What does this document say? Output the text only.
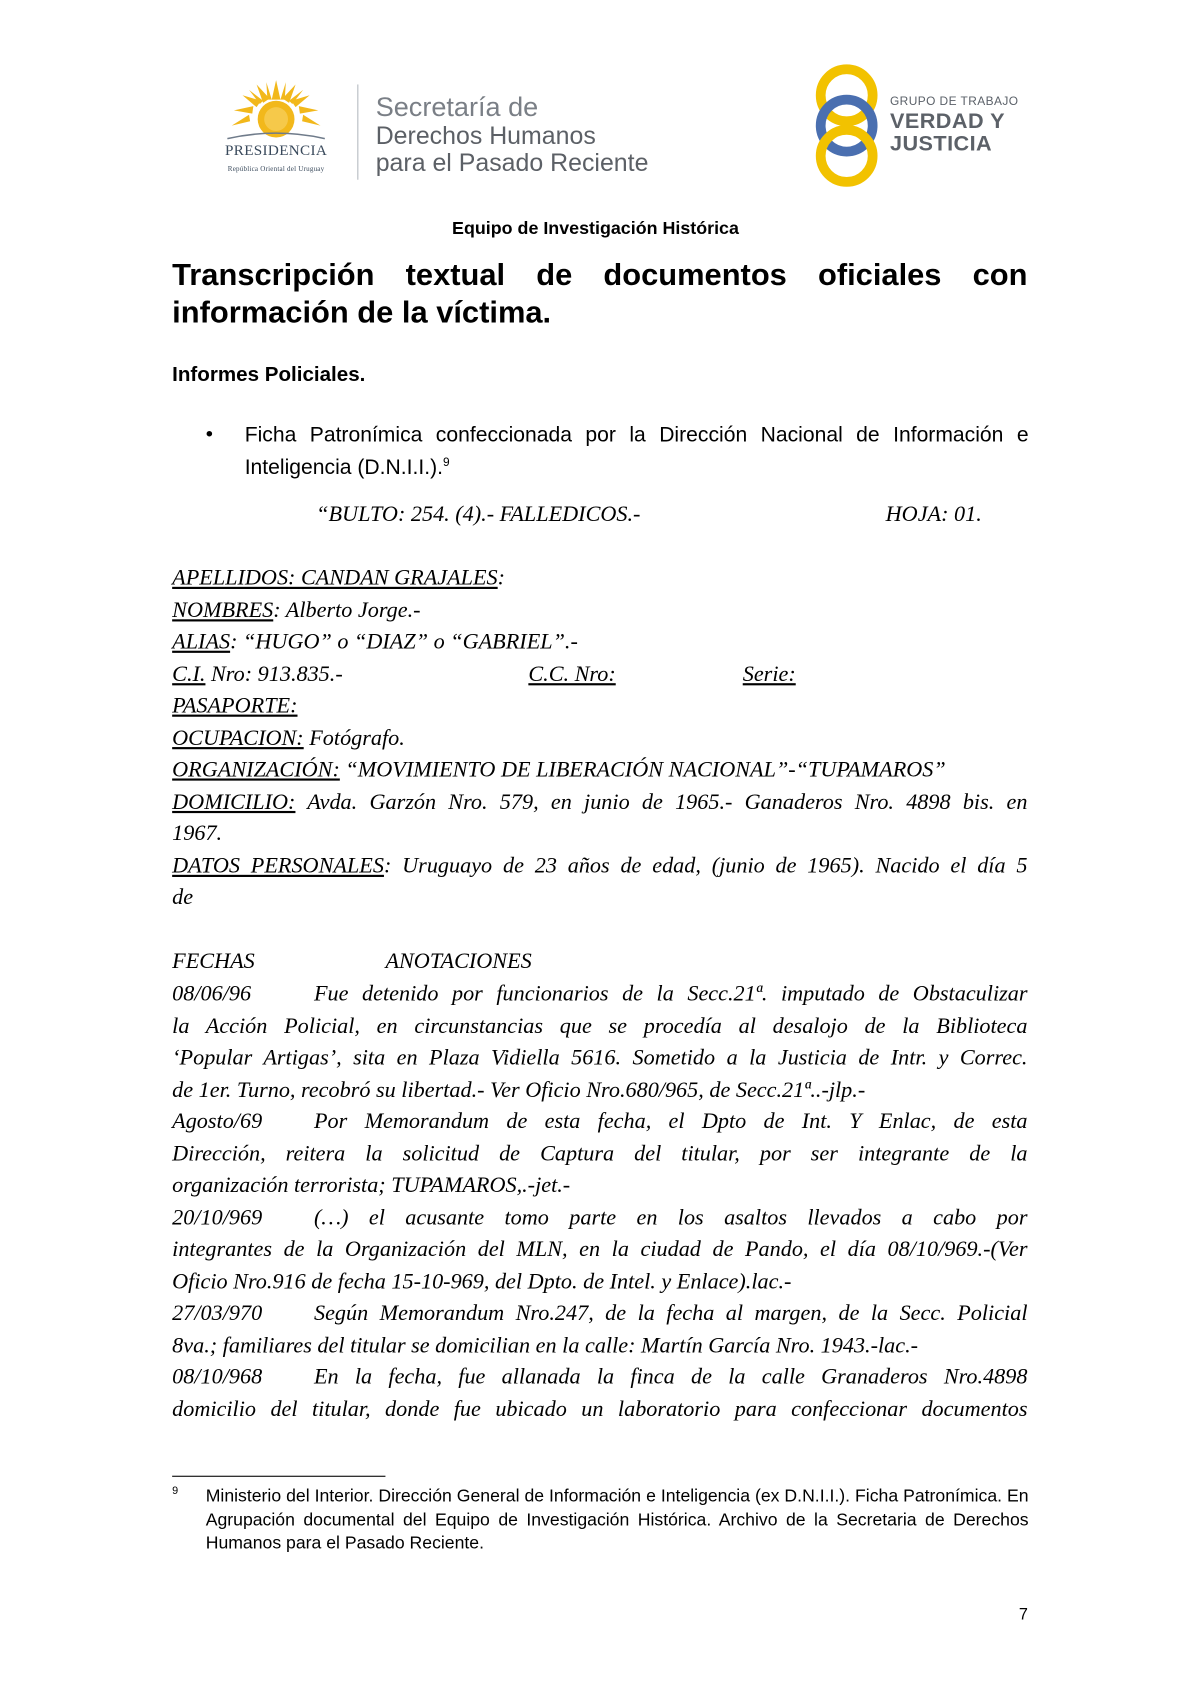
PRESIDENCIA
República Oriental del Uruguay
Secretaría de
Derechos Humanos
para el Pasado Reciente
GRUPO DE TRABAJO
VERDAD Y
JUSTICIA
Equipo de Investigación Histórica
Transcripción textual de documentos oficiales con información de la víctima.
Informes Policiales.
• Ficha Patronímica confeccionada por la Dirección Nacional de Información e Inteligencia (D.N.I.I.).$^9$
“BULTO: 254. (4).- FALLEDICOS.-	HOJA: 01.
APELLIDOS: CANDAN GRAJALES:
NOMBRES: Alberto Jorge.-
ALIAS: “HUGO” o “DIAZ” o “GABRIEL”.-
C.I. Nro: 913.835.-	C.C. Nro:	Serie:
PASAPORTE:
OCUPACION: Fotógrafo.
ORGANIZACIÓN: “MOVIMIENTO DE LIBERACIÓN NACIONAL”-“TUPAMAROS”
DOMICILIO: Avda. Garzón Nro. 579, en junio de 1965.- Ganaderos Nro. 4898 bis. en
1967.
DATOS PERSONALES: Uruguayo de 23 años de edad, (junio de 1965). Nacido el día 5
de
FECHAS	ANOTACIONES
08/06/96	Fue detenido por funcionarios de la Secc.21ª. imputado de Obstaculizar
la Acción Policial, en circunstancias que se procedía al desalojo de la Biblioteca
‘Popular Artigas’, sita en Plaza Vidiella 5616. Sometido a la Justicia de Intr. y Correc.
de 1er. Turno, recobró su libertad.- Ver Oficio Nro.680/965, de Secc.21ª..-jlp.-
Agosto/69	Por Memorandum de esta fecha, el Dpto de Int. Y Enlac, de esta
Dirección, reitera la solicitud de Captura del titular, por ser integrante de la
organización terrorista; TUPAMAROS,.-jet.-
20/10/969	(…) el acusante tomo parte en los asaltos llevados a cabo por
integrantes de la Organización del MLN, en la ciudad de Pando, el día 08/10/969.-(Ver
Oficio Nro.916 de fecha 15-10-969, del Dpto. de Intel. y Enlace).lac.-
27/03/970	Según Memorandum Nro.247, de la fecha al margen, de la Secc. Policial
8va.; familiares del titular se domicilian en la calle: Martín García Nro. 1943.-lac.-
08/10/968	En la fecha, fue allanada la finca de la calle Granaderos Nro.4898
domicilio del titular, donde fue ubicado un laboratorio para confeccionar documentos
9 Ministerio del Interior. Dirección General de Información e Inteligencia (ex D.N.I.I.). Ficha Patronímica. En Agrupación documental del Equipo de Investigación Histórica. Archivo de la Secretaria de Derechos Humanos para el Pasado Reciente.
7
